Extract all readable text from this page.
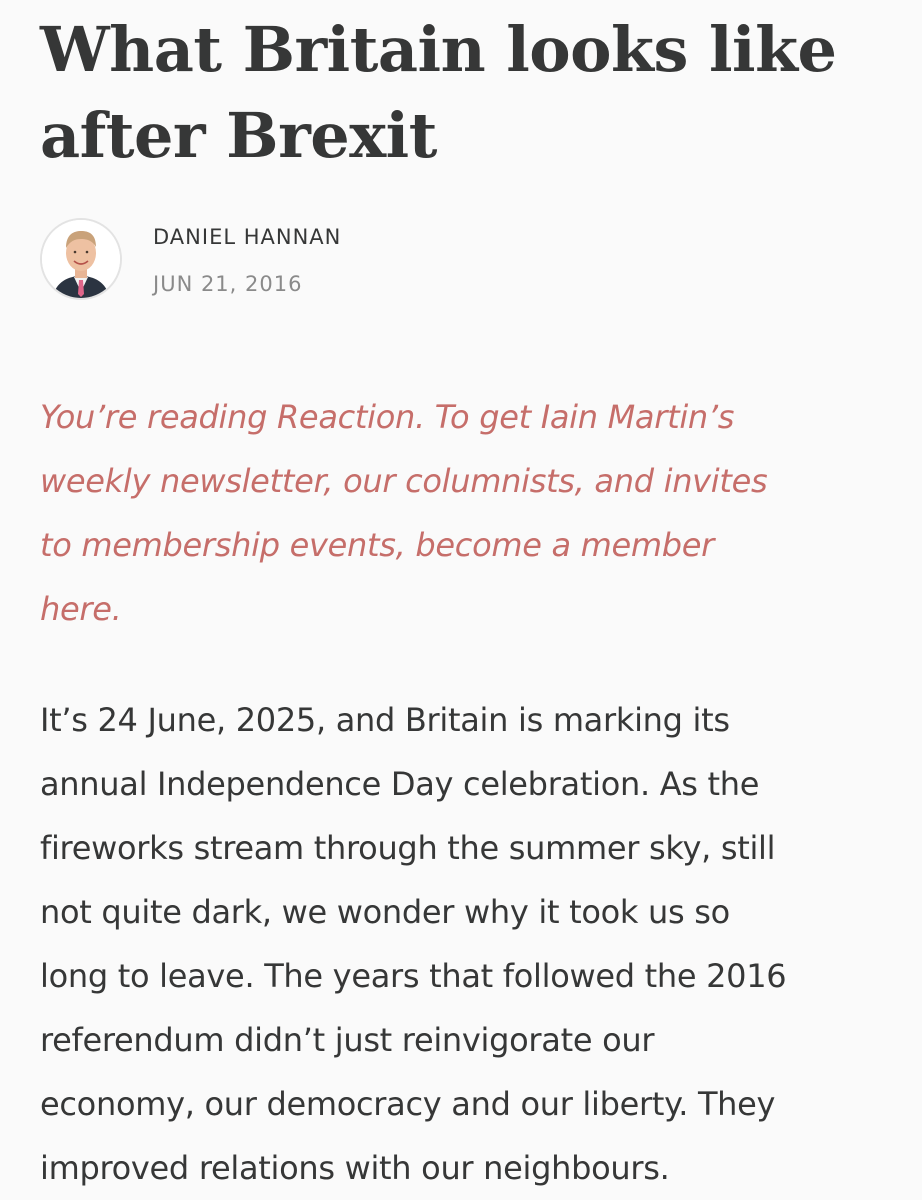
What Britain looks like
after Brexit
DANIEL HANNAN
JUN 21, 2016

You’re reading Reaction. To get Iain Martin’s
weekly newsletter, our columnists, and invites
to membership events, become a member
here.

It’s 24 June, 2025, and Britain is marking its
annual Independence Day celebration. As the
fireworks stream through the summer sky, still
not quite dark, we wonder why it took us so
long to leave. The years that followed the 2016
referendum didn’t just reinvigorate our
economy, our democracy and our liberty. They
improved relations with our neighbours.
